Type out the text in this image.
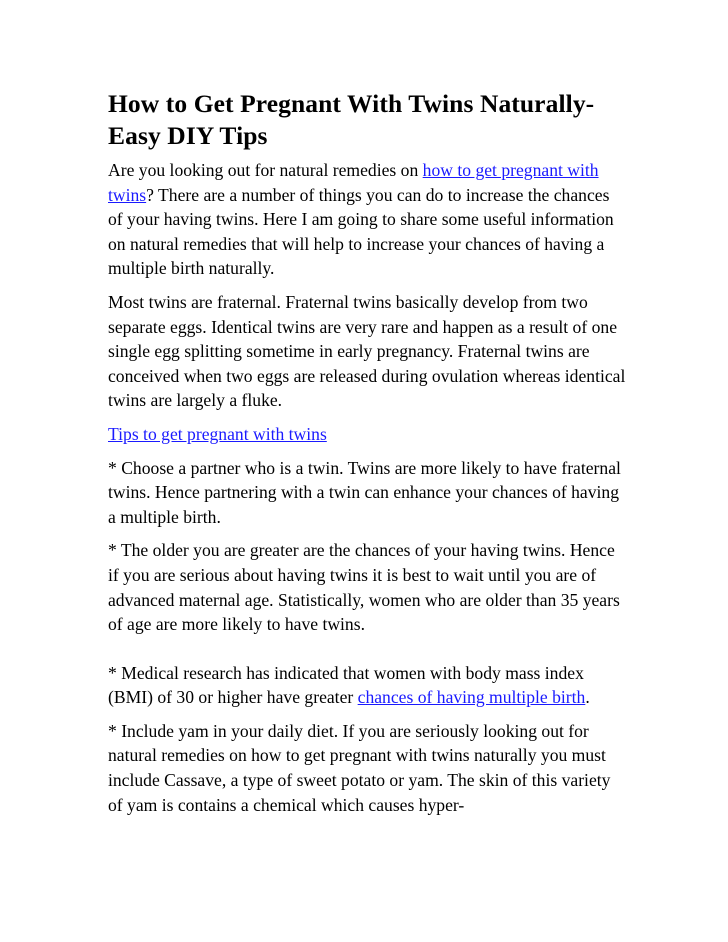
How to Get Pregnant With Twins Naturally- Easy DIY Tips

Are you looking out for natural remedies on how to get pregnant with twins? There are a number of things you can do to increase the chances of your having twins. Here I am going to share some useful information on natural remedies that will help to increase your chances of having a multiple birth naturally.

Most twins are fraternal. Fraternal twins basically develop from two separate eggs. Identical twins are very rare and happen as a result of one single egg splitting sometime in early pregnancy. Fraternal twins are conceived when two eggs are released during ovulation whereas identical twins are largely a fluke.

Tips to get pregnant with twins

* Choose a partner who is a twin. Twins are more likely to have fraternal twins. Hence partnering with a twin can enhance your chances of having a multiple birth.

* The older you are greater are the chances of your having twins. Hence if you are serious about having twins it is best to wait until you are of advanced maternal age. Statistically, women who are older than 35 years of age are more likely to have twins.

* Medical research has indicated that women with body mass index (BMI) of 30 or higher have greater chances of having multiple birth.

* Include yam in your daily diet. If you are seriously looking out for natural remedies on how to get pregnant with twins naturally you must include Cassave, a type of sweet potato or yam. The skin of this variety of yam is contains a chemical which causes hyper-
